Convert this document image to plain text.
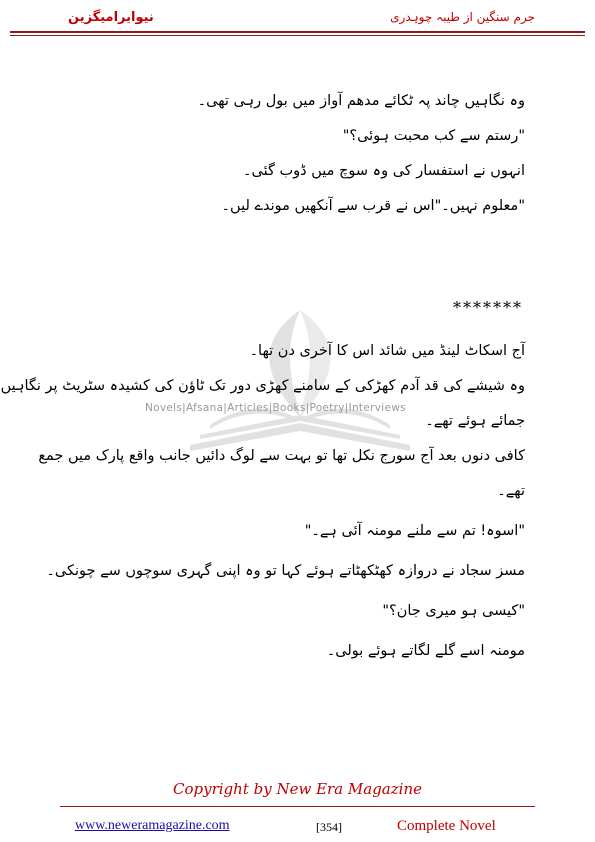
نیوایرامیگزین	جرم سنگین از طیبہ چوہدری
Novels|Afsana|Articles|Books|Poetry|Interviews
وہ نگاہیں چاند پہ ٹکائے مدھم آواز میں بول رہی تھی۔
"رستم سے کب محبت ہوئی؟"
انہوں نے استفسار کی وہ سوچ میں ڈوب گئی۔
"معلوم نہیں۔"اس نے قرب سے آنکھیں موندے لیں۔
*******
آج اسکاٹ لینڈ میں شائد اس کا آخری دن تھا۔
وہ شیشے کی قد آدم کھڑکی کے سامنے کھڑی دور تک ٹاؤن کی کشیدہ سٹریٹ پر نگاہیں
جمائے ہوئے تھے۔
کافی دنوں بعد آج سورج نکل تھا تو بہت سے لوگ دائیں جانب واقع پارک میں جمع
تھے۔
"اسوہ! تم سے ملنے مومنہ آئی ہے۔"
مسز سجاد نے دروازہ کھٹکھٹاتے ہوئے کہا تو وہ اپنی گہری سوچوں سے چونکی۔
"کیسی ہو میری جان؟"
مومنہ اسے گلے لگاتے ہوئے بولی۔
Copyright by New Era Magazine
www.neweramagazine.com	[354]	Complete Novel
